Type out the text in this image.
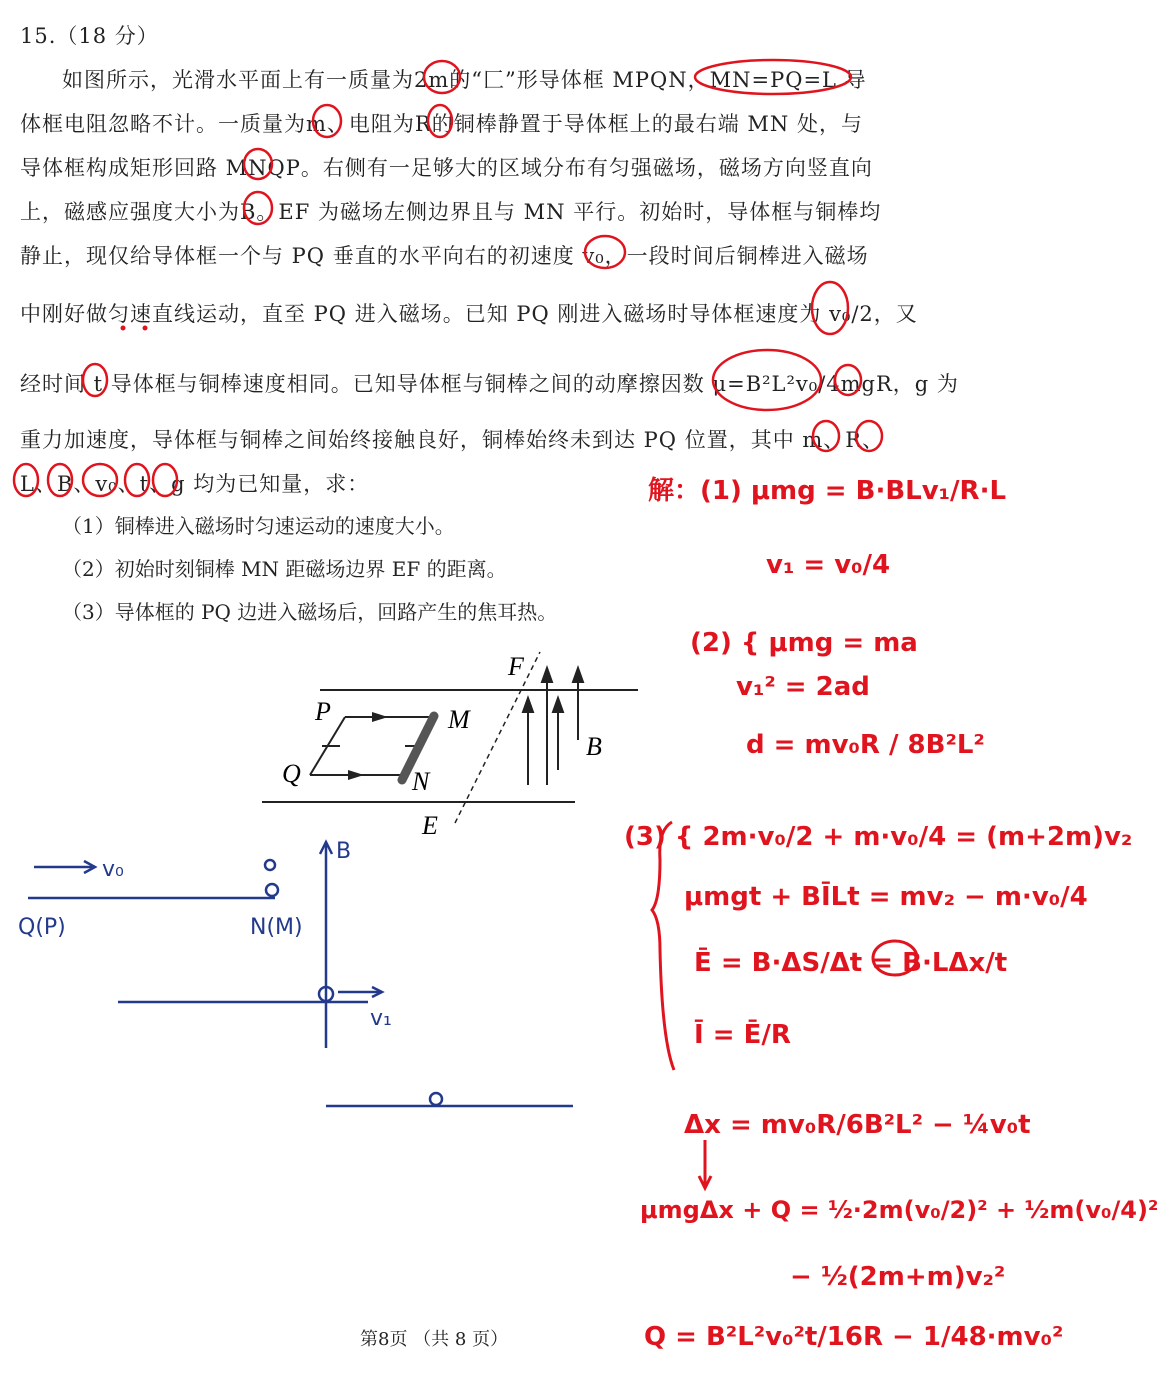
15.（18 分）
如图所示，光滑水平面上有一质量为2m的“匚”形导体框 MPQN，MN=PQ=L 导
体框电阻忽略不计。一质量为m、电阻为R的铜棒静置于导体框上的最右端 MN 处，与
导体框构成矩形回路 MNQP。右侧有一足够大的区域分布有匀强磁场，磁场方向竖直向
上，磁感应强度大小为B。EF 为磁场左侧边界且与 MN 平行。初始时，导体框与铜棒均
静止，现仅给导体框一个与 PQ 垂直的水平向右的初速度 v₀，一段时间后铜棒进入磁场
中刚好做匀速直线运动，直至 PQ 进入磁场。已知 PQ 刚进入磁场时导体框速度为 v₀/2，又
经时间 t 导体框与铜棒速度相同。已知导体框与铜棒之间的动摩擦因数 μ=B²L²v₀/4mgR，g 为
重力加速度，导体框与铜棒之间始终接触良好，铜棒始终未到达 PQ 位置，其中 m、R、
L、B、v₀、t、g 均为已知量，求：
（1）铜棒进入磁场时匀速运动的速度大小。
（2）初始时刻铜棒 MN 距磁场边界 EF 的距离。
（3）导体框的 PQ 边进入磁场后，回路产生的焦耳热。
F
P	M
B
Q	N
E
v₀
Q(P)	N(M)
B
v₁
解：(1) μmg = B·BLv₁/R·L
v₁ = v₀/4
(2) { μmg = ma
v₁² = 2ad
d = mv₀R / 8B²L²
(3) { 2m·v₀/2 + m·v₀/4 = (m+2m)v₂
μmgt + BĪLt = mv₂ − m·v₀/4
Ē = B·ΔS/Δt = B·LΔx/t
Ī = Ē/R
Δx = mv₀R/6B²L² − ¼v₀t
μmgΔx + Q = ½·2m(v₀/2)² + ½m(v₀/4)²
− ½(2m+m)v₂²
Q = B²L²v₀²t/16R − 1/48·mv₀²
第8页 （共 8 页）
